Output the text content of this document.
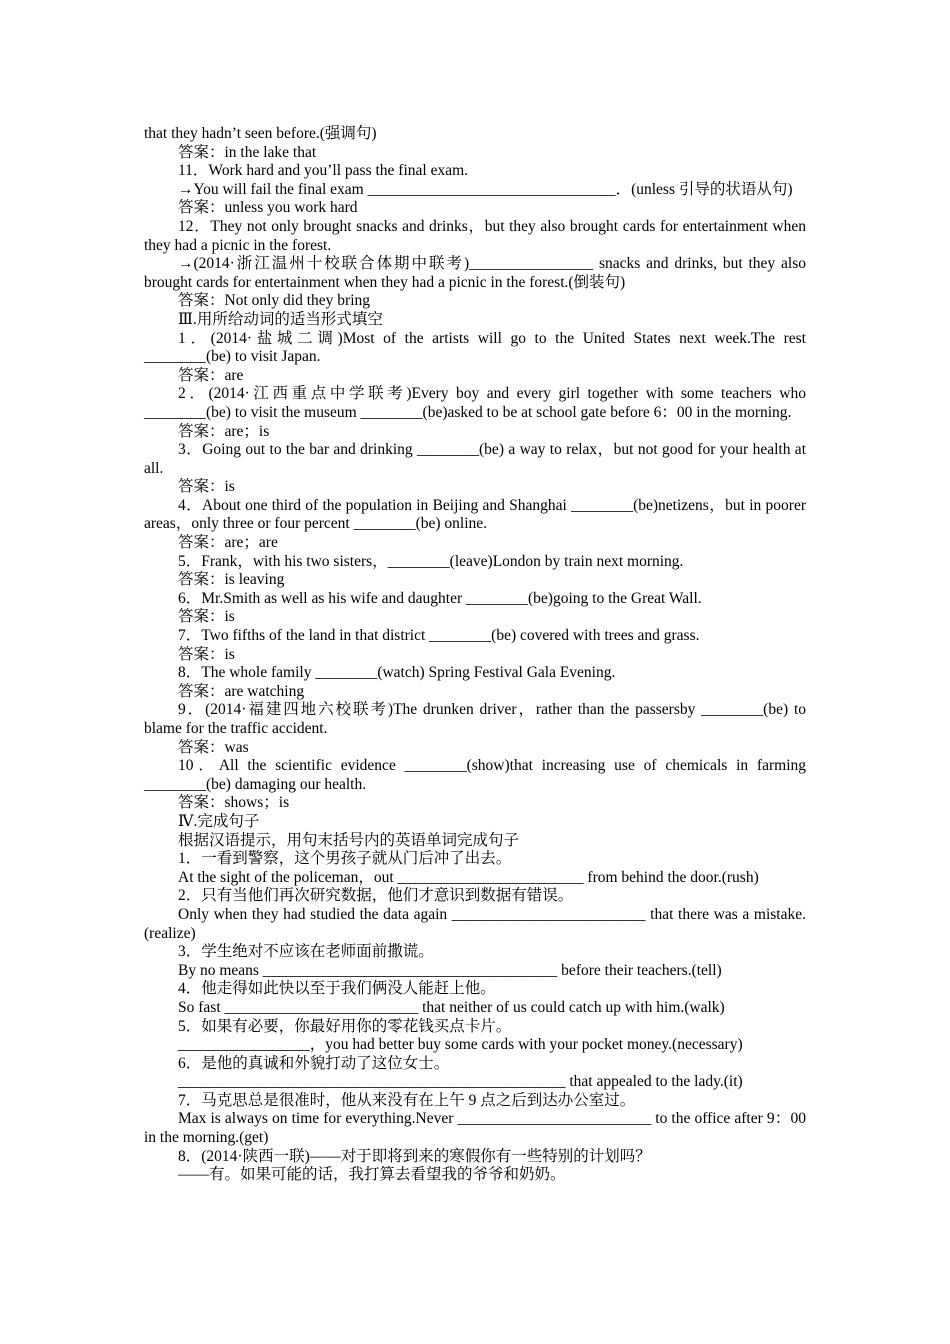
that they hadn’t seen before.(强调句)
答案：in the lake that
11．Work hard and you’ll pass the final exam.
→You will fail the final exam ________________________________．(unless 引导的状语从句)
答案：unless you work hard
12．They not only brought snacks and drinks，but they also brought cards for entertainment when they had a picnic in the forest.
→(2014·浙江温州十校联合体期中联考)________________ snacks and drinks, but they also brought cards for entertainment when they had a picnic in the forest.(倒装句)
答案：Not only did they bring
Ⅲ.用所给动词的适当形式填空
1．(2014·盐城二调)Most of the artists will go to the United States next week.The rest ________(be) to visit Japan.
答案：are
2．(2014·江西重点中学联考)Every boy and every girl together with some teachers who ________(be) to visit the museum ________(be)asked to be at school gate before 6：00 in the morning.
答案：are；is
3．Going out to the bar and drinking ________(be) a way to relax，but not good for your health at all.
答案：is
4．About one third of the population in Beijing and Shanghai ________(be)netizens，but in poorer areas，only three or four percent ________(be) online.
答案：are；are
5．Frank，with his two sisters，________(leave)London by train next morning.
答案：is leaving
6．Mr.Smith as well as his wife and daughter ________(be)going to the Great Wall.
答案：is
7．Two fifths of the land in that district ________(be) covered with trees and grass.
答案：is
8．The whole family ________(watch) Spring Festival Gala Evening.
答案：are watching
9．(2014·福建四地六校联考)The drunken driver，rather than the passersby ________(be) to blame for the traffic accident.
答案：was
10．All the scientific evidence ________(show)that increasing use of chemicals in farming ________(be) damaging our health.
答案：shows；is
Ⅳ.完成句子
根据汉语提示，用句末括号内的英语单词完成句子
1．一看到警察，这个男孩子就从门后冲了出去。
At the sight of the policeman，out ________________________ from behind the door.(rush)
2．只有当他们再次研究数据，他们才意识到数据有错误。
Only when they had studied the data again _________________________ that there was a mistake.(realize)
3．学生绝对不应该在老师面前撒谎。
By no means ______________________________________ before their teachers.(tell)
4．他走得如此快以至于我们俩没人能赶上他。
So fast _________________________ that neither of us could catch up with him.(walk)
5．如果有必要，你最好用你的零花钱买点卡片。
_________________，you had better buy some cards with your pocket money.(necessary)
6．是他的真诚和外貌打动了这位女士。
__________________________________________________ that appealed to the lady.(it)
7．马克思总是很准时，他从来没有在上午 9 点之后到达办公室过。
Max is always on time for everything.Never _________________________ to the office after 9：00 in the morning.(get)
8．(2014·陕西一联)——对于即将到来的寒假你有一些特别的计划吗？
——有。如果可能的话，我打算去看望我的爷爷和奶奶。
